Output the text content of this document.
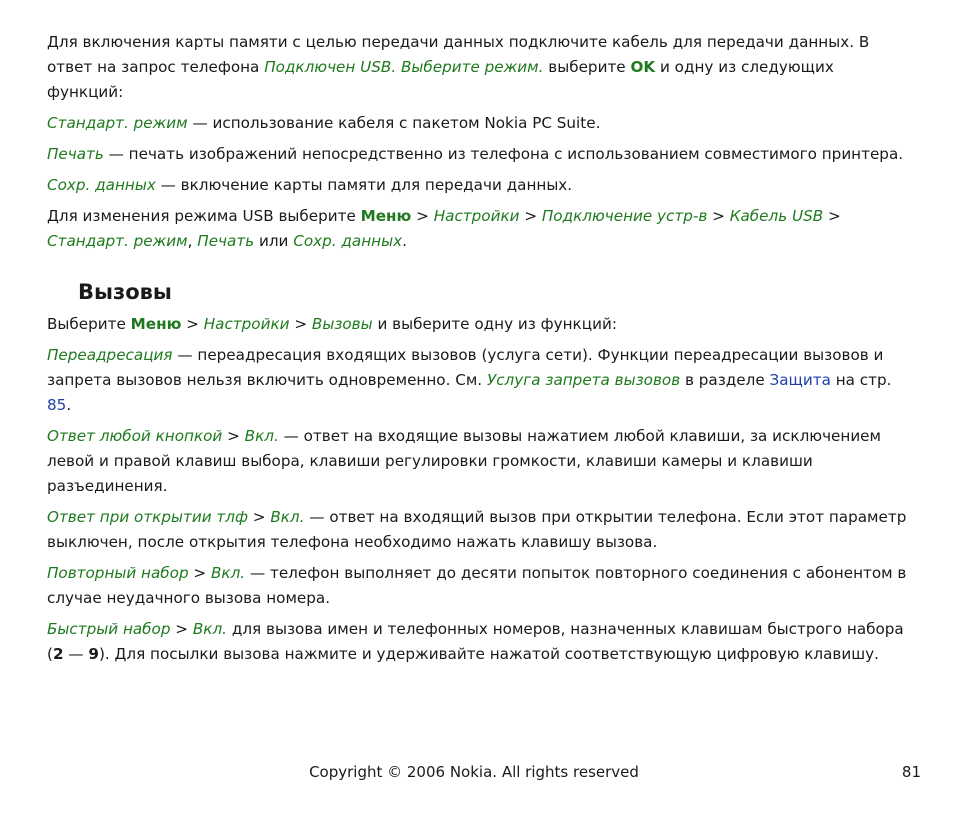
Для включения карты памяти с целью передачи данных подключите кабель для передачи данных. В ответ на запрос телефона Подключен USB. Выберите режим. выберите OK и одну из следующих функций:

Стандарт. режим — использование кабеля с пакетом Nokia PC Suite.

Печать — печать изображений непосредственно из телефона с использованием совместимого принтера.

Сохр. данных — включение карты памяти для передачи данных.

Для изменения режима USB выберите Меню > Настройки > Подключение устр-в > Кабель USB > Стандарт. режим, Печать или Сохр. данных.

Вызовы

Выберите Меню > Настройки > Вызовы и выберите одну из функций:

Переадресация — переадресация входящих вызовов (услуга сети). Функции переадресации вызовов и запрета вызовов нельзя включить одновременно. См. Услуга запрета вызовов в разделе Защита на стр. 85.

Ответ любой кнопкой > Вкл. — ответ на входящие вызовы нажатием любой клавиши, за исключением левой и правой клавиш выбора, клавиши регулировки громкости, клавиши камеры и клавиши разъединения.

Ответ при открытии тлф > Вкл. — ответ на входящий вызов при открытии телефона. Если этот параметр выключен, после открытия телефона необходимо нажать клавишу вызова.

Повторный набор > Вкл. — телефон выполняет до десяти попыток повторного соединения с абонентом в случае неудачного вызова номера.

Быстрый набор > Вкл. для вызова имен и телефонных номеров, назначенных клавишам быстрого набора (2 — 9). Для посылки вызова нажмите и удерживайте нажатой соответствующую цифровую клавишу.

Copyright © 2006 Nokia. All rights reserved	81
